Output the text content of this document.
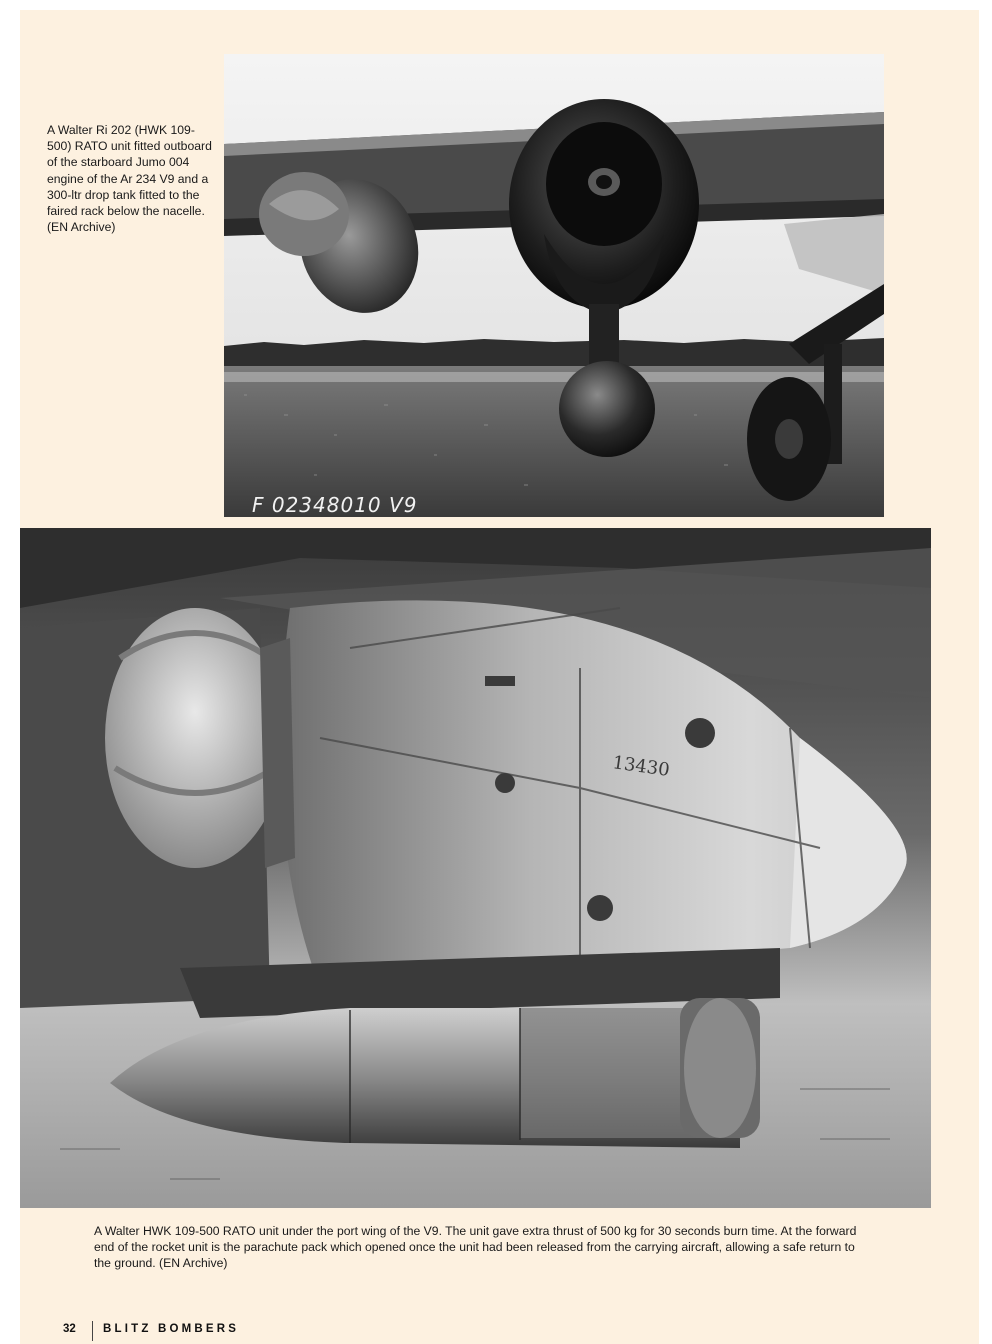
A Walter Ri 202 (HWK 109-500) RATO unit fitted outboard of the starboard Jumo 004 engine of the Ar 234 V9 and a 300-ltr drop tank fitted to the faired rack below the nacelle. (EN Archive)
F 02348010 V9
13430
A Walter HWK 109-500 RATO unit under the port wing of the V9. The unit gave extra thrust of 500 kg for 30 seconds burn time. At the forward end of the rocket unit is the parachute pack which opened once the unit had been released from the carrying aircraft, allowing a safe return to the ground. (EN Archive)
32 BLITZ BOMBERS
